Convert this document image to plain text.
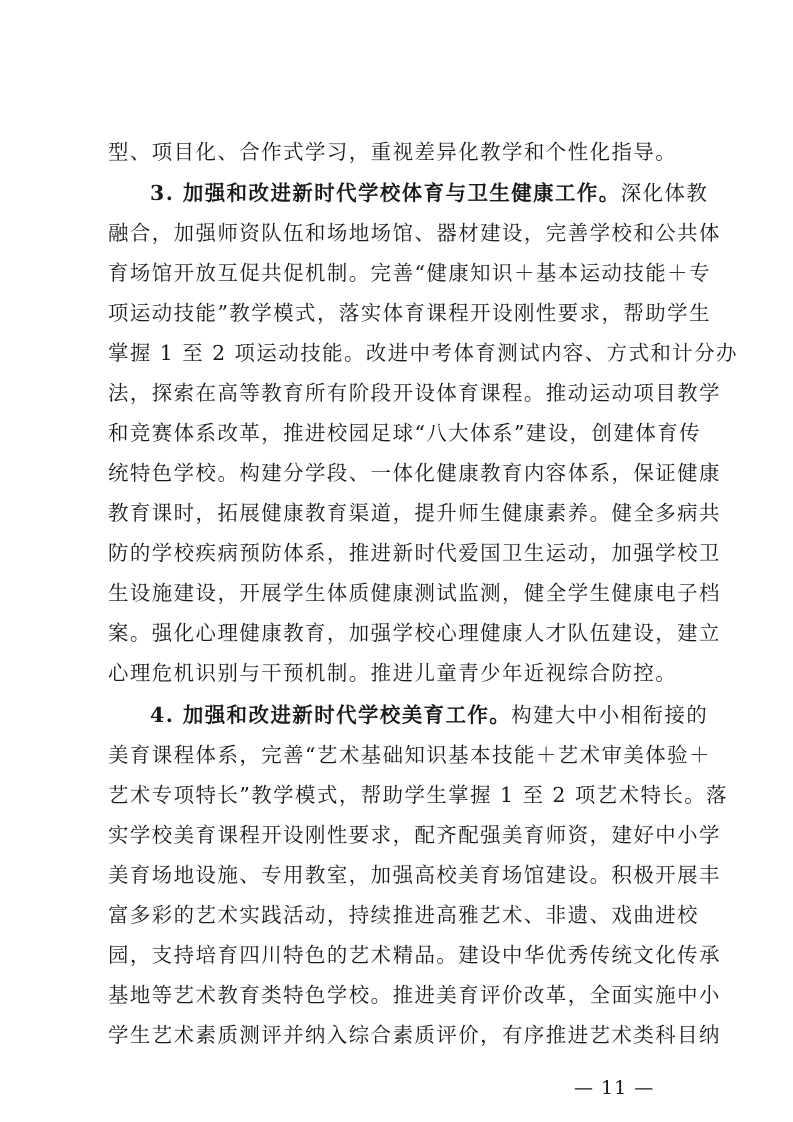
型、项目化、合作式学习，重视差异化教学和个性化指导。
3. 加强和改进新时代学校体育与卫生健康工作。深化体教
融合，加强师资队伍和场地场馆、器材建设，完善学校和公共体
育场馆开放互促共促机制。完善“健康知识＋基本运动技能＋专
项运动技能”教学模式，落实体育课程开设刚性要求，帮助学生
掌握 1 至 2 项运动技能。改进中考体育测试内容、方式和计分办
法，探索在高等教育所有阶段开设体育课程。推动运动项目教学
和竞赛体系改革，推进校园足球“八大体系”建设，创建体育传
统特色学校。构建分学段、一体化健康教育内容体系，保证健康
教育课时，拓展健康教育渠道，提升师生健康素养。健全多病共
防的学校疾病预防体系，推进新时代爱国卫生运动，加强学校卫
生设施建设，开展学生体质健康测试监测，健全学生健康电子档
案。强化心理健康教育，加强学校心理健康人才队伍建设，建立
心理危机识别与干预机制。推进儿童青少年近视综合防控。
4. 加强和改进新时代学校美育工作。构建大中小相衔接的
美育课程体系，完善“艺术基础知识基本技能＋艺术审美体验＋
艺术专项特长”教学模式，帮助学生掌握 1 至 2 项艺术特长。落
实学校美育课程开设刚性要求，配齐配强美育师资，建好中小学
美育场地设施、专用教室，加强高校美育场馆建设。积极开展丰
富多彩的艺术实践活动，持续推进高雅艺术、非遗、戏曲进校
园，支持培育四川特色的艺术精品。建设中华优秀传统文化传承
基地等艺术教育类特色学校。推进美育评价改革，全面实施中小
学生艺术素质测评并纳入综合素质评价，有序推进艺术类科目纳
— 11 —
